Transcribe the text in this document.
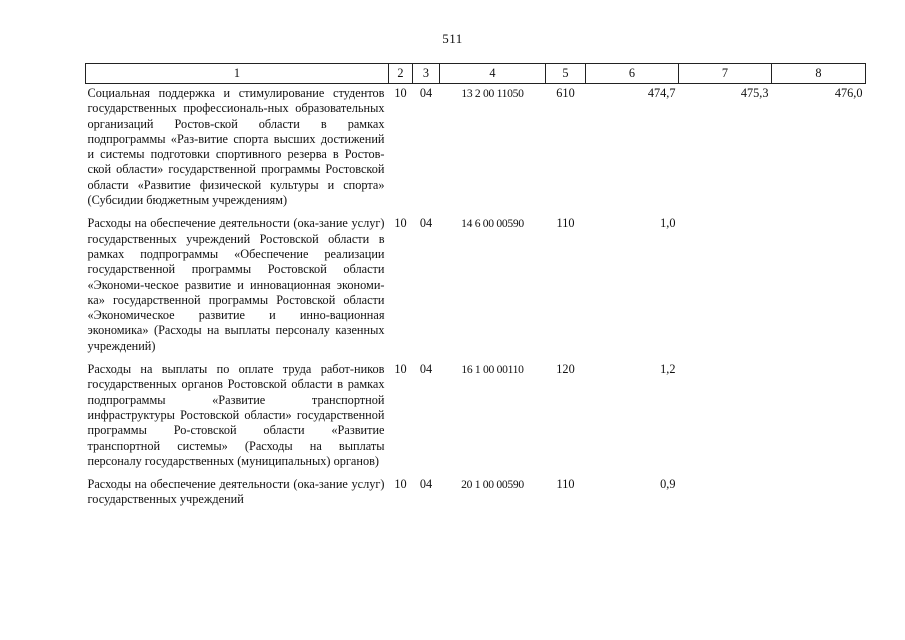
511
1	2	3	4	5	6	7	8
Социальная поддержка и стимулирование студентов государственных профессиональ-ных образовательных организаций Ростов-ской области в рамках подпрограммы «Раз-витие спорта высших достижений и системы подготовки спортивного резерва в Ростов-ской области» государственной программы Ростовской области «Развитие физической культуры и спорта» (Субсидии бюджетным учреждениям)	10	04	13 2 00 11050	610	474,7	475,3	476,0
Расходы на обеспечение деятельности (ока-зание услуг) государственных учреждений Ростовской области в рамках подпрограммы «Обеспечение реализации государственной программы Ростовской области «Экономи-ческое развитие и инновационная экономи-ка» государственной программы Ростовской области «Экономическое развитие и инно-вационная экономика» (Расходы на выплаты персоналу казенных учреждений)	10	04	14 6 00 00590	110	1,0		
Расходы на выплаты по оплате труда работ-ников государственных органов Ростовской области в рамках подпрограммы «Развитие транспортной инфраструктуры Ростовской области» государственной программы Ро-стовской области «Развитие транспортной системы» (Расходы на выплаты персоналу государственных (муниципальных) органов)	10	04	16 1 00 00110	120	1,2		
Расходы на обеспечение деятельности (ока-зание услуг) государственных учреждений	10	04	20 1 00 00590	110	0,9		
